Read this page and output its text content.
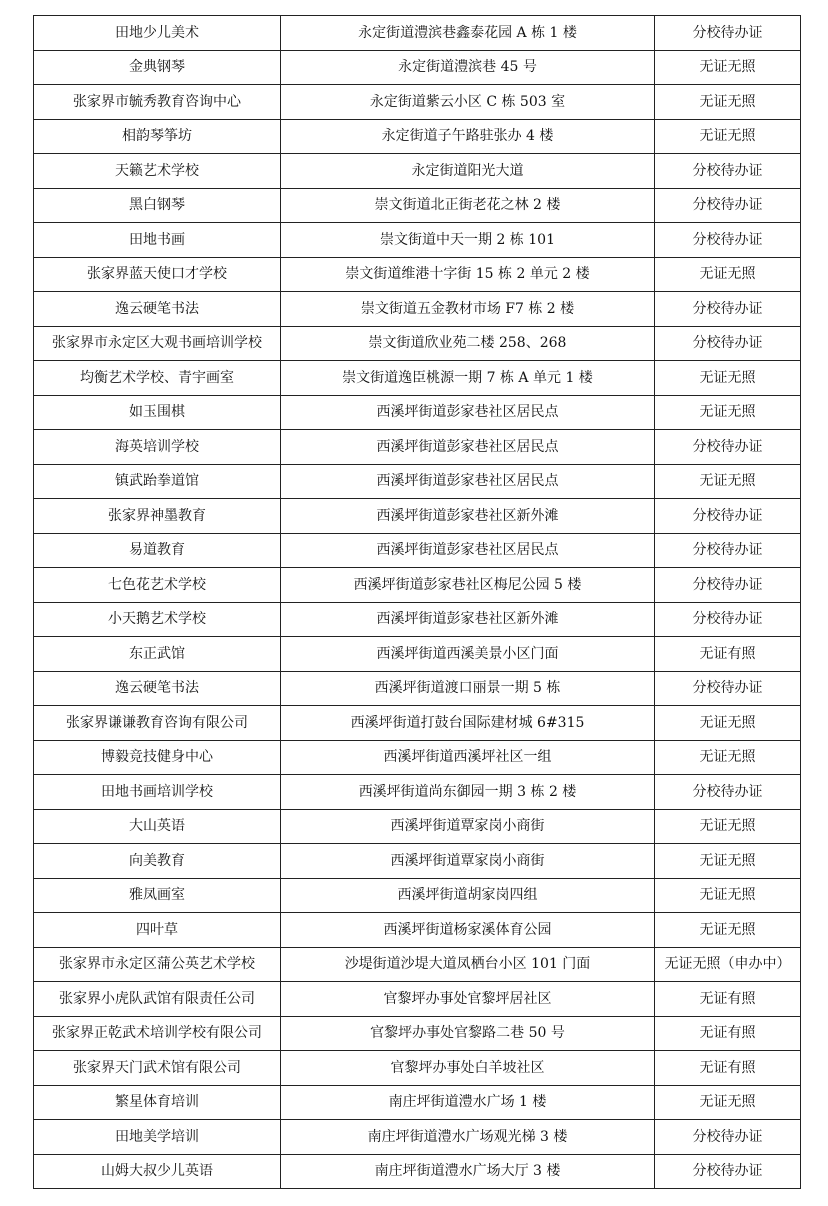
田地少儿美术	永定街道澧滨巷鑫泰花园 A 栋 1 楼	分校待办证
金典钢琴	永定街道澧滨巷 45 号	无证无照
张家界市毓秀教育咨询中心	永定街道紫云小区 C 栋 503 室	无证无照
相韵琴筝坊	永定街道子午路驻张办 4 楼	无证无照
天籁艺术学校	永定街道阳光大道	分校待办证
黑白钢琴	崇文街道北正街老花之林 2 楼	分校待办证
田地书画	崇文街道中天一期 2 栋 101	分校待办证
张家界蓝天使口才学校	崇文街道维港十字街 15 栋 2 单元 2 楼	无证无照
逸云硬笔书法	崇文街道五金教材市场 F7 栋 2 楼	分校待办证
张家界市永定区大观书画培训学校	崇文街道欣业苑二楼 258、268	分校待办证
均衡艺术学校、青宇画室	崇文街道逸臣桃源一期 7 栋 A 单元 1 楼	无证无照
如玉围棋	西溪坪街道彭家巷社区居民点	无证无照
海英培训学校	西溪坪街道彭家巷社区居民点	分校待办证
镇武跆拳道馆	西溪坪街道彭家巷社区居民点	无证无照
张家界神墨教育	西溪坪街道彭家巷社区新外滩	分校待办证
易道教育	西溪坪街道彭家巷社区居民点	分校待办证
七色花艺术学校	西溪坪街道彭家巷社区梅尼公园 5 楼	分校待办证
小天鹅艺术学校	西溪坪街道彭家巷社区新外滩	分校待办证
东正武馆	西溪坪街道西溪美景小区门面	无证有照
逸云硬笔书法	西溪坪街道渡口丽景一期 5 栋	分校待办证
张家界谦谦教育咨询有限公司	西溪坪街道打鼓台国际建材城 6#315	无证无照
博毅竞技健身中心	西溪坪街道西溪坪社区一组	无证无照
田地书画培训学校	西溪坪街道尚东御园一期 3 栋 2 楼	分校待办证
大山英语	西溪坪街道覃家岗小商街	无证无照
向美教育	西溪坪街道覃家岗小商街	无证无照
雅凤画室	西溪坪街道胡家岗四组	无证无照
四叶草	西溪坪街道杨家溪体育公园	无证无照
张家界市永定区蒲公英艺术学校	沙堤街道沙堤大道凤栖台小区 101 门面	无证无照（申办中）
张家界小虎队武馆有限责任公司	官黎坪办事处官黎坪居社区	无证有照
张家界正乾武术培训学校有限公司	官黎坪办事处官黎路二巷 50 号	无证有照
张家界天门武术馆有限公司	官黎坪办事处白羊坡社区	无证有照
繁星体育培训	南庄坪街道澧水广场 1 楼	无证无照
田地美学培训	南庄坪街道澧水广场观光梯 3 楼	分校待办证
山姆大叔少儿英语	南庄坪街道澧水广场大厅 3 楼	分校待办证
